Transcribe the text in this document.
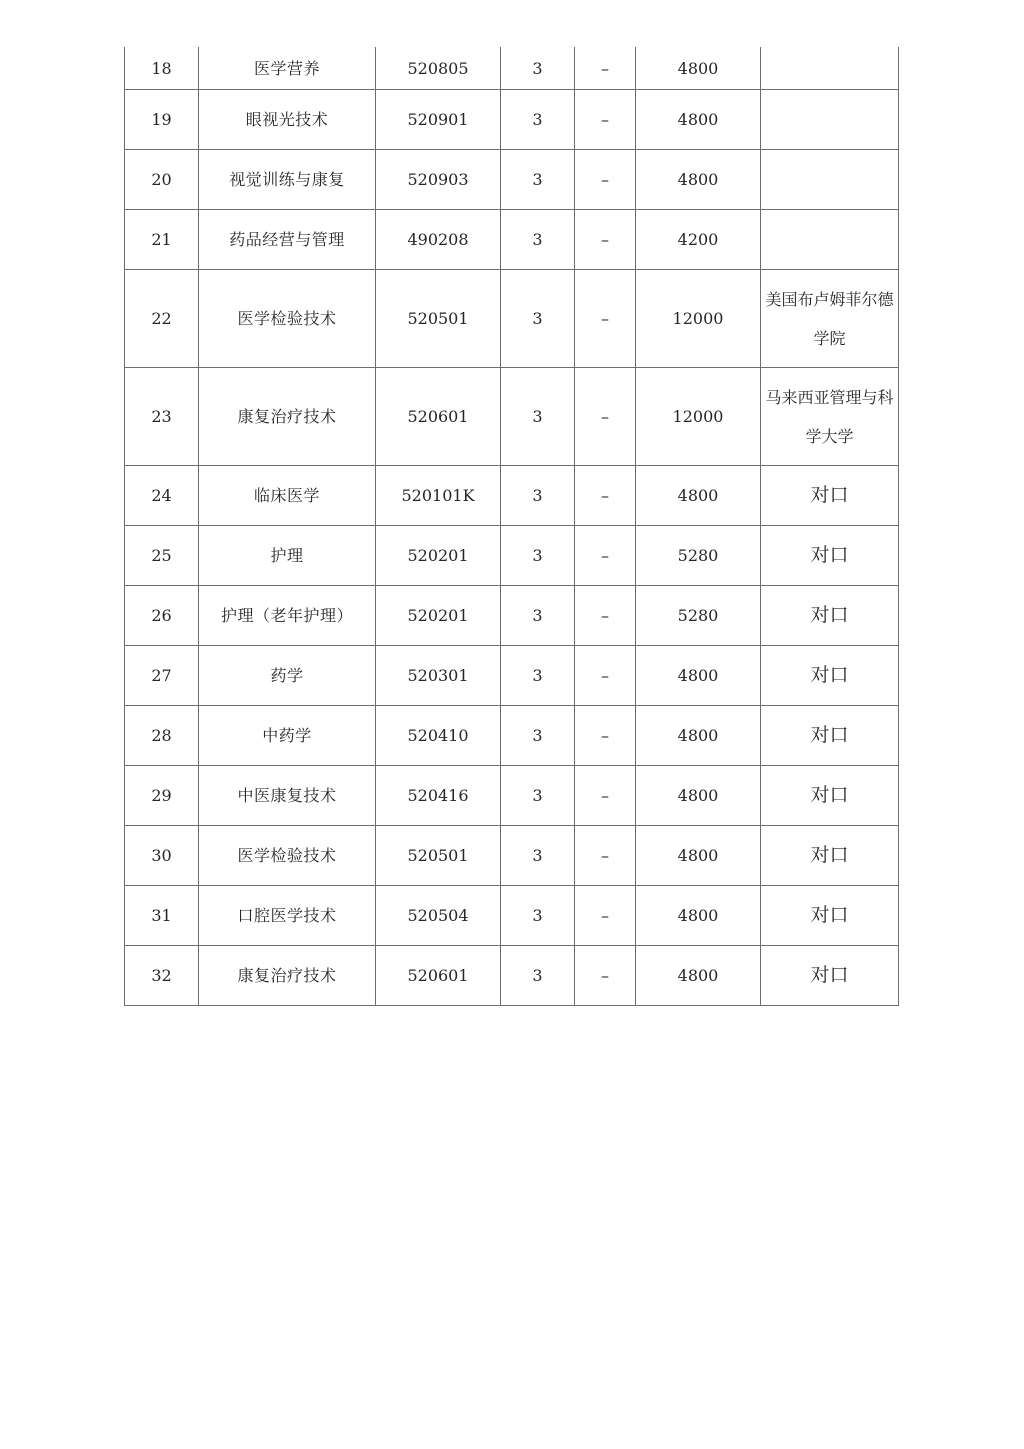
18	医学营养	520805	3	–	4800	
19	眼视光技术	520901	3	–	4800	
20	视觉训练与康复	520903	3	–	4800	
21	药品经营与管理	490208	3	–	4200	
22	医学检验技术	520501	3	–	12000	美国布卢姆菲尔德学院
23	康复治疗技术	520601	3	–	12000	马来西亚管理与科学大学
24	临床医学	520101K	3	–	4800	对口
25	护理	520201	3	–	5280	对口
26	护理（老年护理）	520201	3	–	5280	对口
27	药学	520301	3	–	4800	对口
28	中药学	520410	3	–	4800	对口
29	中医康复技术	520416	3	–	4800	对口
30	医学检验技术	520501	3	–	4800	对口
31	口腔医学技术	520504	3	–	4800	对口
32	康复治疗技术	520601	3	–	4800	对口
